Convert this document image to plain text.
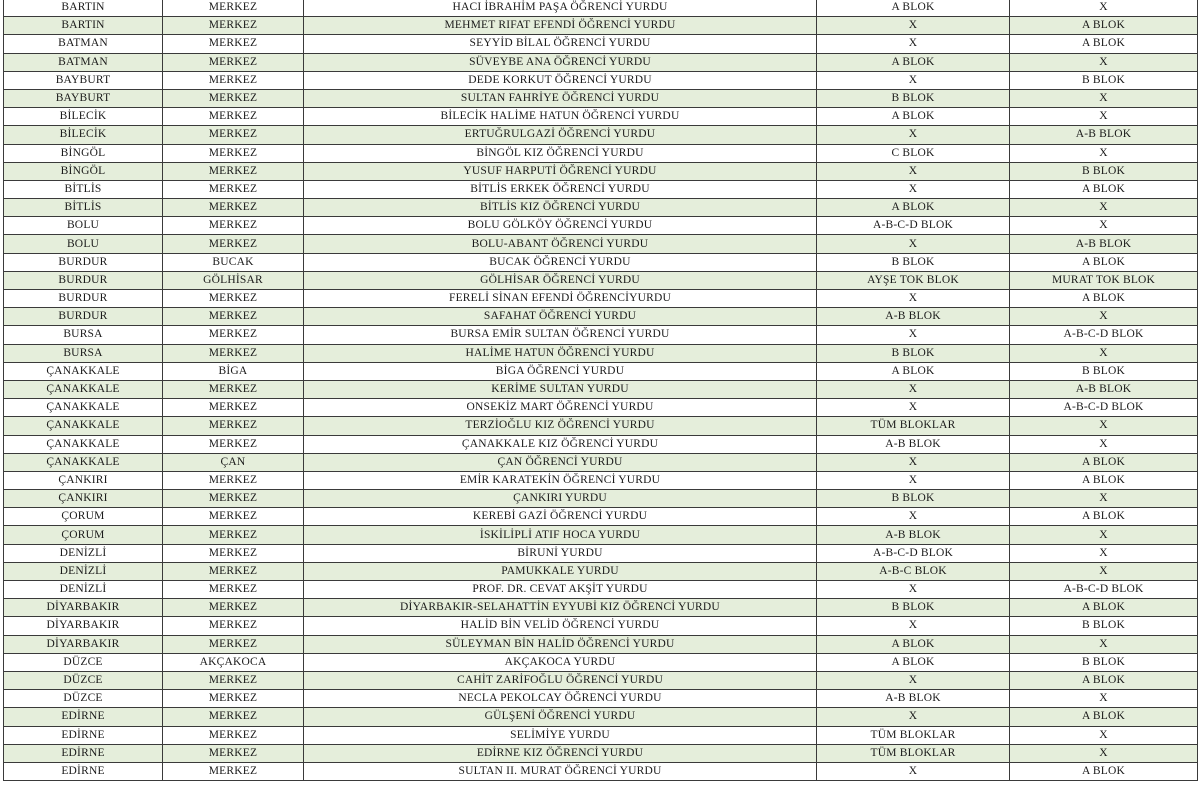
BARTIN	MERKEZ	HACI İBRAHİM PAŞA ÖĞRENCİ YURDU	A BLOK	X
BARTIN	MERKEZ	MEHMET RIFAT EFENDİ ÖĞRENCİ YURDU	X	A BLOK
BATMAN	MERKEZ	SEYYİD BİLAL ÖĞRENCİ YURDU	X	A BLOK
BATMAN	MERKEZ	SÜVEYBE ANA ÖĞRENCİ YURDU	A BLOK	X
BAYBURT	MERKEZ	DEDE KORKUT ÖĞRENCİ YURDU	X	B BLOK
BAYBURT	MERKEZ	SULTAN FAHRİYE ÖĞRENCİ YURDU	B BLOK	X
BİLECİK	MERKEZ	BİLECİK HALİME HATUN ÖĞRENCİ YURDU	A BLOK	X
BİLECİK	MERKEZ	ERTUĞRULGAZİ ÖĞRENCİ YURDU	X	A-B BLOK
BİNGÖL	MERKEZ	BİNGÖL KIZ ÖĞRENCİ YURDU	C BLOK	X
BİNGÖL	MERKEZ	YUSUF HARPUTİ ÖĞRENCİ YURDU	X	B BLOK
BİTLİS	MERKEZ	BİTLİS ERKEK ÖĞRENCİ YURDU	X	A BLOK
BİTLİS	MERKEZ	BİTLİS KIZ ÖĞRENCİ YURDU	A BLOK	X
BOLU	MERKEZ	BOLU GÖLKÖY ÖĞRENCİ YURDU	A-B-C-D BLOK	X
BOLU	MERKEZ	BOLU-ABANT ÖĞRENCİ YURDU	X	A-B BLOK
BURDUR	BUCAK	BUCAK ÖĞRENCİ YURDU	B BLOK	A BLOK
BURDUR	GÖLHİSAR	GÖLHİSAR ÖĞRENCİ YURDU	AYŞE TOK BLOK	MURAT TOK BLOK
BURDUR	MERKEZ	FERELİ SİNAN EFENDİ ÖĞRENCİYURDU	X	A BLOK
BURDUR	MERKEZ	SAFAHAT ÖĞRENCİ YURDU	A-B BLOK	X
BURSA	MERKEZ	BURSA EMİR SULTAN ÖĞRENCİ YURDU	X	A-B-C-D BLOK
BURSA	MERKEZ	HALİME HATUN ÖĞRENCİ YURDU	B BLOK	X
ÇANAKKALE	BİGA	BİGA ÖĞRENCİ YURDU	A BLOK	B BLOK
ÇANAKKALE	MERKEZ	KERİME SULTAN YURDU	X	A-B BLOK
ÇANAKKALE	MERKEZ	ONSEKİZ MART ÖĞRENCİ YURDU	X	A-B-C-D BLOK
ÇANAKKALE	MERKEZ	TERZİOĞLU KIZ ÖĞRENCİ YURDU	TÜM BLOKLAR	X
ÇANAKKALE	MERKEZ	ÇANAKKALE KIZ ÖĞRENCİ YURDU	A-B BLOK	X
ÇANAKKALE	ÇAN	ÇAN ÖĞRENCİ YURDU	X	A BLOK
ÇANKIRI	MERKEZ	EMİR KARATEKİN ÖĞRENCİ YURDU	X	A BLOK
ÇANKIRI	MERKEZ	ÇANKIRI YURDU	B BLOK	X
ÇORUM	MERKEZ	KEREBİ GAZİ ÖĞRENCİ YURDU	X	A BLOK
ÇORUM	MERKEZ	İSKİLİPLİ ATIF HOCA YURDU	A-B BLOK	X
DENİZLİ	MERKEZ	BİRUNİ YURDU	A-B-C-D BLOK	X
DENİZLİ	MERKEZ	PAMUKKALE YURDU	A-B-C BLOK	X
DENİZLİ	MERKEZ	PROF. DR. CEVAT AKŞİT YURDU	X	A-B-C-D BLOK
DİYARBAKIR	MERKEZ	DİYARBAKIR-SELAHATTİN EYYUBİ KIZ ÖĞRENCİ YURDU	B BLOK	A BLOK
DİYARBAKIR	MERKEZ	HALİD BİN VELİD ÖĞRENCİ YURDU	X	B BLOK
DİYARBAKIR	MERKEZ	SÜLEYMAN BİN HALİD ÖĞRENCİ YURDU	A BLOK	X
DÜZCE	AKÇAKOCA	AKÇAKOCA YURDU	A BLOK	B BLOK
DÜZCE	MERKEZ	CAHİT ZARİFOĞLU ÖĞRENCİ YURDU	X	A BLOK
DÜZCE	MERKEZ	NECLA PEKOLCAY ÖĞRENCİ YURDU	A-B BLOK	X
EDİRNE	MERKEZ	GÜLŞENİ ÖĞRENCİ YURDU	X	A BLOK
EDİRNE	MERKEZ	SELİMİYE YURDU	TÜM BLOKLAR	X
EDİRNE	MERKEZ	EDİRNE KIZ ÖĞRENCİ YURDU	TÜM BLOKLAR	X
EDİRNE	MERKEZ	SULTAN II. MURAT ÖĞRENCİ YURDU	X	A BLOK
